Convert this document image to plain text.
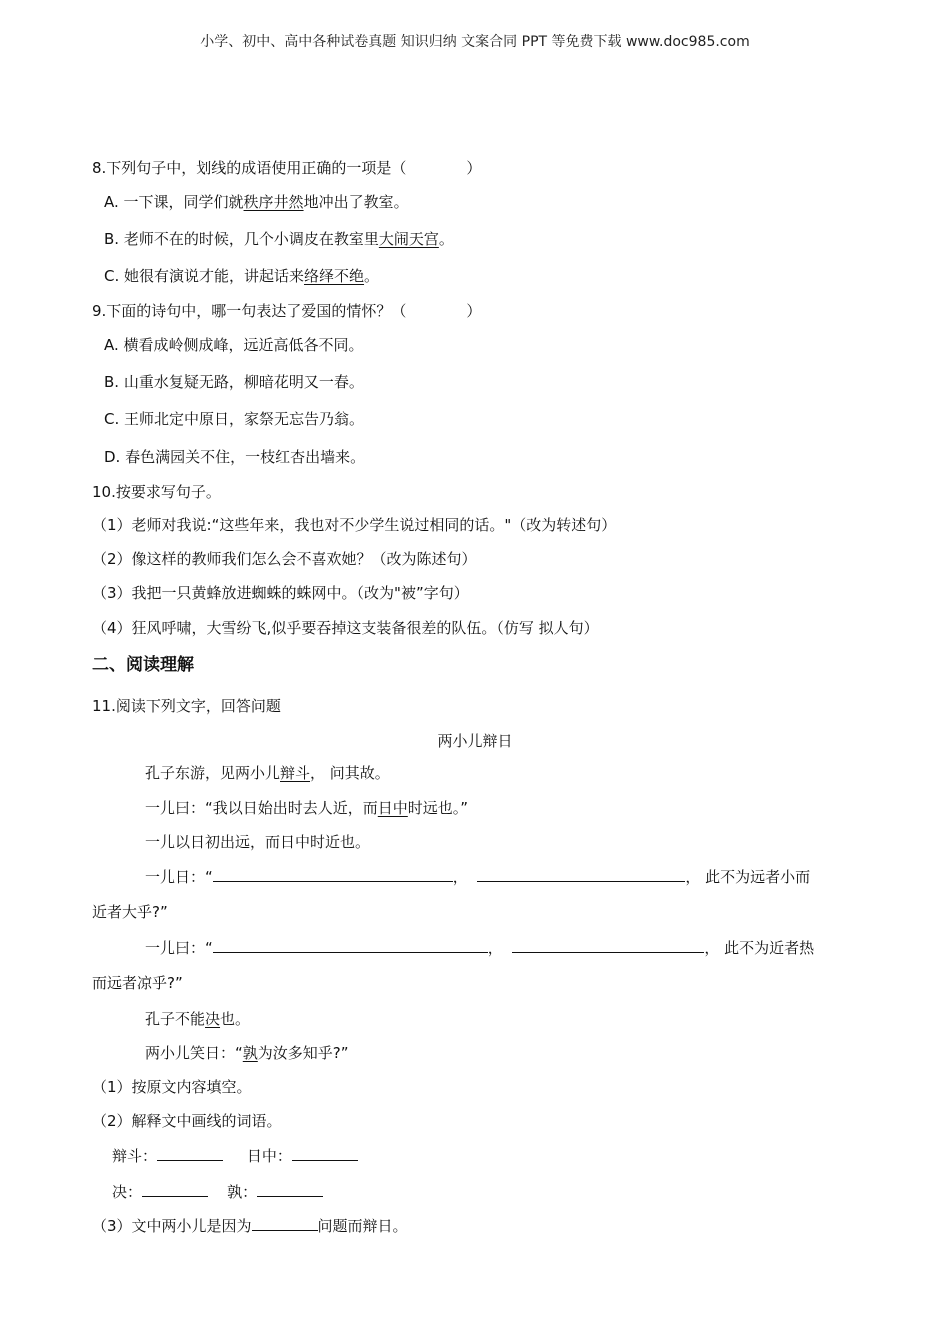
小学、初中、高中各种试卷真题 知识归纳 文案合同 PPT 等免费下载 www.doc985.com
8.下列句子中，划线的成语使用正确的一项是（　　　　）
A. 一下课，同学们就秩序井然地冲出了教室。
B. 老师不在的时候，几个小调皮在教室里大闹天宫。
C. 她很有演说才能，讲起话来络绎不绝。
9.下面的诗句中，哪一句表达了爱国的情怀？（　　　　）
A. 横看成岭侧成峰，远近高低各不同。
B. 山重水复疑无路，柳暗花明又一春。
C. 王师北定中原日，家祭无忘告乃翁。
D. 春色满园关不住，一枝红杏出墙来。
10.按要求写句子。
（1）老师对我说:“这些年来，我也对不少学生说过相同的话。"（改为转述句）
（2）像这样的教师我们怎么会不喜欢她？（改为陈述句）
（3）我把一只黄蜂放进蜘蛛的蛛网中。（改为"被”字句）
（4）狂风呼啸，大雪纷飞,似乎要吞掉这支装备很差的队伍。（仿写 拟人句）
二、阅读理解
11.阅读下列文字，回答问题
两小儿辩日
孔子东游，见两小儿辩斗， 问其故。
一儿曰：“我以日始出时去人近，而日中时远也。”
一儿以日初出远，而日中时近也。
一儿日：“	，	， 此不为远者小而
近者大乎?”
一儿曰：“	，	， 此不为近者热
而远者凉乎?”
孔子不能决也。
两小儿笑日：“孰为汝多知乎?”
（1）按原文内容填空。
（2）解释文中画线的词语。
辩斗：	日中：
决：	孰：
（3）文中两小儿是因为	问题而辩日。
